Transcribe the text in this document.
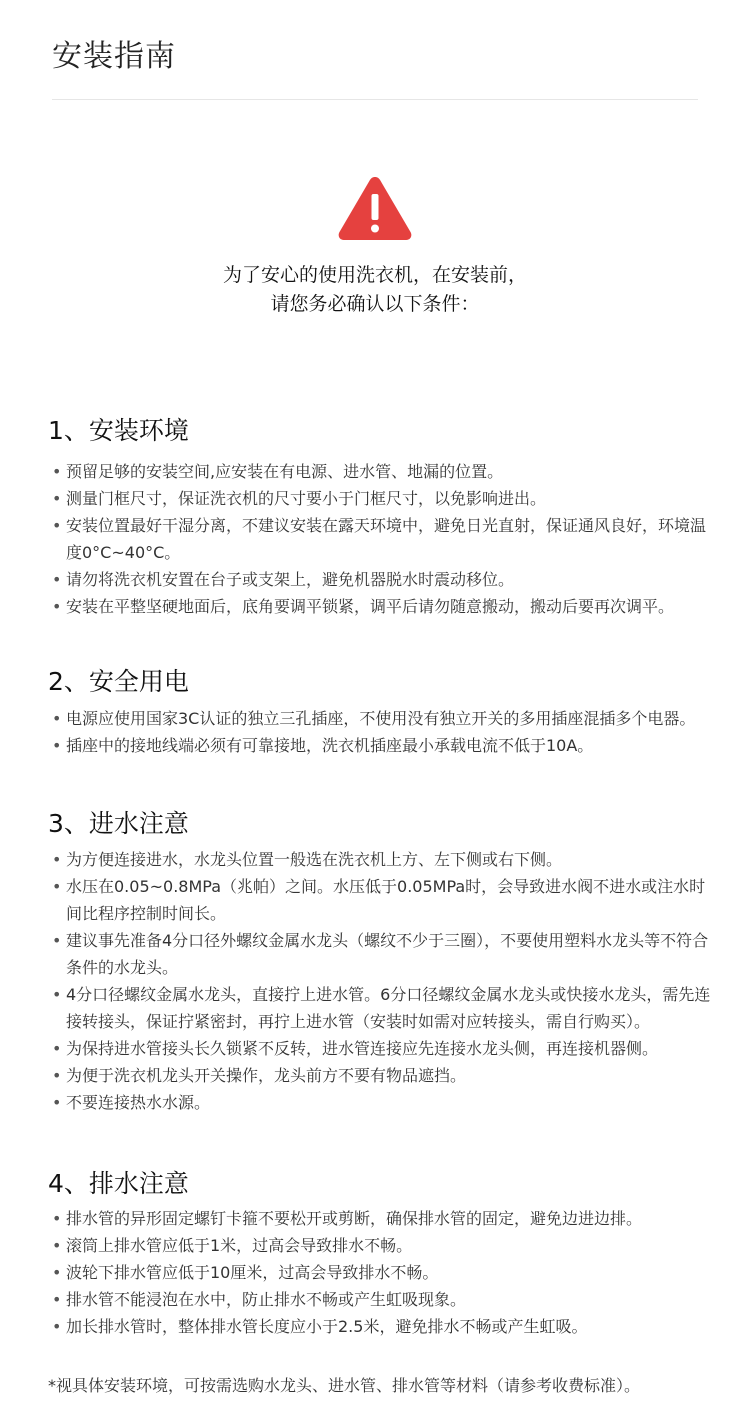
安装指南
为了安心的使用洗衣机，在安装前，
请您务必确认以下条件：
1、安装环境
• 预留足够的安装空间,应安装在有电源、进水管、地漏的位置。
• 测量门框尺寸，保证洗衣机的尺寸要小于门框尺寸，以免影响进出。
• 安装位置最好干湿分离，不建议安装在露天环境中，避免日光直射，保证通风良好，环境温度0°C~40°C。
• 请勿将洗衣机安置在台子或支架上，避免机器脱水时震动移位。
• 安装在平整坚硬地面后，底角要调平锁紧，调平后请勿随意搬动，搬动后要再次调平。
2、安全用电
• 电源应使用国家3C认证的独立三孔插座，不使用没有独立开关的多用插座混插多个电器。
• 插座中的接地线端必须有可靠接地，洗衣机插座最小承载电流不低于10A。
3、进水注意
• 为方便连接进水，水龙头位置一般选在洗衣机上方、左下侧或右下侧。
• 水压在0.05~0.8MPa（兆帕）之间。水压低于0.05MPa时，会导致进水阀不进水或注水时间比程序控制时间长。
• 建议事先准备4分口径外螺纹金属水龙头（螺纹不少于三圈），不要使用塑料水龙头等不符合条件的水龙头。
• 4分口径螺纹金属水龙头，直接拧上进水管。6分口径螺纹金属水龙头或快接水龙头，需先连接转接头，保证拧紧密封，再拧上进水管（安装时如需对应转接头，需自行购买）。
• 为保持进水管接头长久锁紧不反转，进水管连接应先连接水龙头侧，再连接机器侧。
• 为便于洗衣机龙头开关操作，龙头前方不要有物品遮挡。
• 不要连接热水水源。
4、排水注意
• 排水管的异形固定螺钉卡箍不要松开或剪断，确保排水管的固定，避免边进边排。
• 滚筒上排水管应低于1米，过高会导致排水不畅。
• 波轮下排水管应低于10厘米，过高会导致排水不畅。
• 排水管不能浸泡在水中，防止排水不畅或产生虹吸现象。
• 加长排水管时，整体排水管长度应小于2.5米，避免排水不畅或产生虹吸。
*视具体安装环境，可按需选购水龙头、进水管、排水管等材料（请参考收费标准）。
